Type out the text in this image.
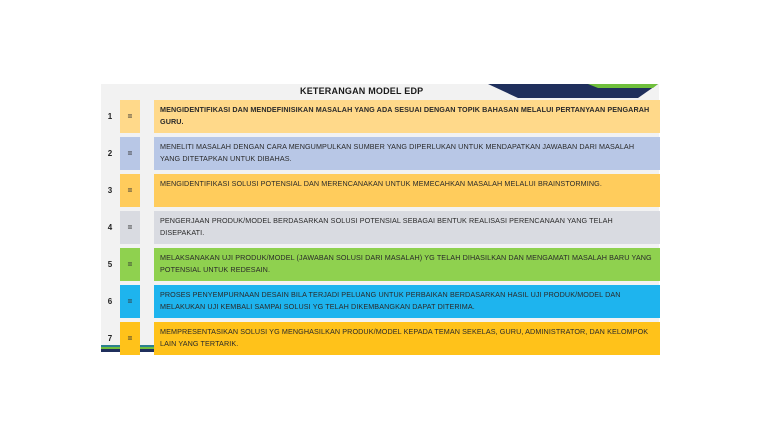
KETERANGAN MODEL EDP
1	=
MENGIDENTIFIKASI DAN MENDEFINISIKAN MASALAH YANG ADA SESUAI DENGAN TOPIK BAHASAN MELALUI PERTANYAAN PENGARAH GURU.
2	=
MENELITI MASALAH DENGAN CARA MENGUMPULKAN SUMBER YANG DIPERLUKAN UNTUK MENDAPATKAN JAWABAN DARI MASALAH YANG DITETAPKAN UNTUK DIBAHAS.
3	=
MENGIDENTIFIKASI SOLUSI POTENSIAL DAN MERENCANAKAN UNTUK MEMECAHKAN MASALAH MELALUI BRAINSTORMING.
4	=
PENGERJAAN PRODUK/MODEL BERDASARKAN SOLUSI POTENSIAL SEBAGAI BENTUK REALISASI PERENCANAAN YANG TELAH DISEPAKATI.
5	=
MELAKSANAKAN UJI PRODUK/MODEL (JAWABAN SOLUSI DARI MASALAH) YG TELAH DIHASILKAN DAN MENGAMATI MASALAH BARU YANG POTENSIAL UNTUK REDESAIN.
6	=
PROSES PENYEMPURNAAN DESAIN BILA TERJADI PELUANG UNTUK PERBAIKAN BERDASARKAN HASIL UJI PRODUK/MODEL DAN MELAKUKAN UJI KEMBALI SAMPAI SOLUSI YG TELAH DIKEMBANGKAN DAPAT DITERIMA.
7	=
MEMPRESENTASIKAN SOLUSI YG MENGHASILKAN PRODUK/MODEL KEPADA TEMAN SEKELAS, GURU, ADMINISTRATOR, DAN KELOMPOK LAIN YANG TERTARIK.
